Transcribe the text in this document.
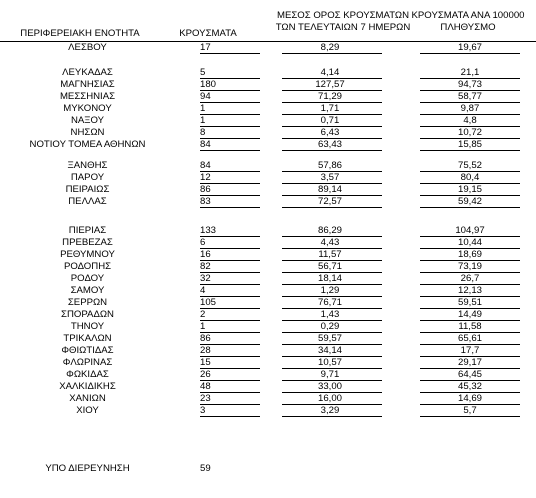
ΠΕΡΙΦΕΡΕΙΑΚΗ ΕΝΟΤΗΤΑ	ΚΡΟΥΣΜΑΤΑ
ΜΕΣΟΣ ΟΡΟΣ ΚΡΟΥΣΜΑΤΩΝ
ΤΩΝ ΤΕΛΕΥΤΑΙΩΝ 7 ΗΜΕΡΩΝ
ΚΡΟΥΣΜΑΤΑ ΑΝΑ 100000
ΠΛΗΘΥΣΜΟ
ΛΕΣΒΟΥ	17	8,29	19,67
ΛΕΥΚΑΔΑΣ	5	4,14	21,1
ΜΑΓΝΗΣΙΑΣ	180	127,57	94,73
ΜΕΣΣΗΝΙΑΣ	94	71,29	58,77
ΜΥΚΟΝΟΥ	1	1,71	9,87
ΝΑΞΟΥ	1	0,71	4,8
ΝΗΣΩΝ	8	6,43	10,72
ΝΟΤΙΟΥ ΤΟΜΕΑ ΑΘΗΝΩΝ	84	63,43	15,85
ΞΑΝΘΗΣ	84	57,86	75,52
ΠΑΡΟΥ	12	3,57	80,4
ΠΕΙΡΑΙΩΣ	86	89,14	19,15
ΠΕΛΛΑΣ	83	72,57	59,42
ΠΙΕΡΙΑΣ	133	86,29	104,97
ΠΡΕΒΕΖΑΣ	6	4,43	10,44
ΡΕΘΥΜΝΟΥ	16	11,57	18,69
ΡΟΔΟΠΗΣ	82	56,71	73,19
ΡΟΔΟΥ	32	18,14	26,7
ΣΑΜΟΥ	4	1,29	12,13
ΣΕΡΡΩΝ	105	76,71	59,51
ΣΠΟΡΑΔΩΝ	2	1,43	14,49
ΤΗΝΟΥ	1	0,29	11,58
ΤΡΙΚΑΛΩΝ	86	59,57	65,61
ΦΘΙΩΤΙΔΑΣ	28	34,14	17,7
ΦΛΩΡΙΝΑΣ	15	10,57	29,17
ΦΩΚΙΔΑΣ	26	9,71	64,45
ΧΑΛΚΙΔΙΚΗΣ	48	33,00	45,32
ΧΑΝΙΩΝ	23	16,00	14,69
ΧΙΟΥ	3	3,29	5,7
ΥΠΟ ΔΙΕΡΕΥΝΗΣΗ	59
